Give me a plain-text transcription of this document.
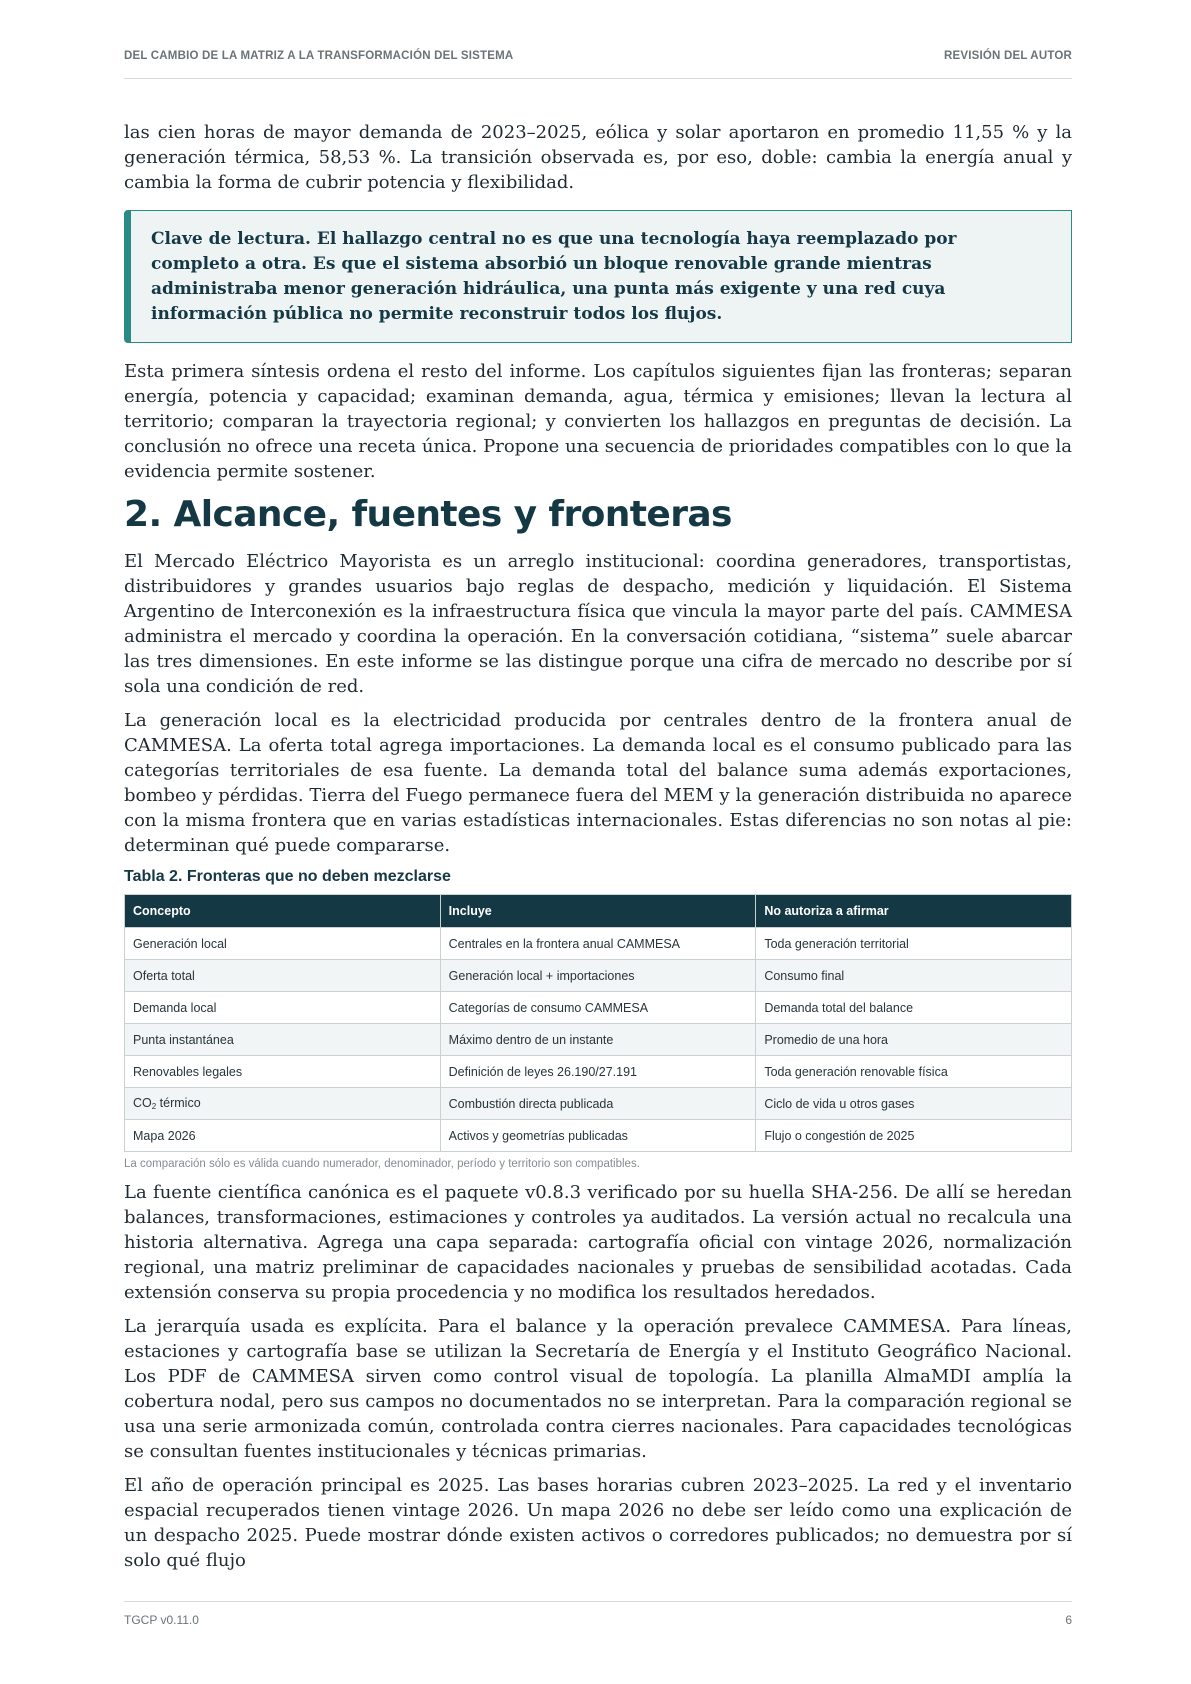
DEL CAMBIO DE LA MATRIZ A LA TRANSFORMACIÓN DEL SISTEMA	REVISIÓN DEL AUTOR

las cien horas de mayor demanda de 2023–2025, eólica y solar aportaron en promedio 11,55 % y la generación térmica, 58,53 %. La transición observada es, por eso, doble: cambia la energía anual y cambia la forma de cubrir potencia y flexibilidad.

Clave de lectura. El hallazgo central no es que una tecnología haya reemplazado por completo a otra. Es que el sistema absorbió un bloque renovable grande mientras administraba menor generación hidráulica, una punta más exigente y una red cuya información pública no permite reconstruir todos los flujos.

Esta primera síntesis ordena el resto del informe. Los capítulos siguientes fijan las fronteras; separan energía, potencia y capacidad; examinan demanda, agua, térmica y emisiones; llevan la lectura al territorio; comparan la trayectoria regional; y convierten los hallazgos en preguntas de decisión. La conclusión no ofrece una receta única. Propone una secuencia de prioridades compatibles con lo que la evidencia permite sostener.

2. Alcance, fuentes y fronteras

El Mercado Eléctrico Mayorista es un arreglo institucional: coordina generadores, transportistas, distribuidores y grandes usuarios bajo reglas de despacho, medición y liquidación. El Sistema Argentino de Interconexión es la infraestructura física que vincula la mayor parte del país. CAMMESA administra el mercado y coordina la operación. En la conversación cotidiana, “sistema” suele abarcar las tres dimensiones. En este informe se las distingue porque una cifra de mercado no describe por sí sola una condición de red.

La generación local es la electricidad producida por centrales dentro de la frontera anual de CAMMESA. La oferta total agrega importaciones. La demanda local es el consumo publicado para las categorías territoriales de esa fuente. La demanda total del balance suma además exportaciones, bombeo y pérdidas. Tierra del Fuego permanece fuera del MEM y la generación distribuida no aparece con la misma frontera que en varias estadísticas internacionales. Estas diferencias no son notas al pie: determinan qué puede compararse.

Tabla 2. Fronteras que no deben mezclarse
Concepto	Incluye	No autoriza a afirmar
Generación local	Centrales en la frontera anual CAMMESA	Toda generación territorial
Oferta total	Generación local + importaciones	Consumo final
Demanda local	Categorías de consumo CAMMESA	Demanda total del balance
Punta instantánea	Máximo dentro de un instante	Promedio de una hora
Renovables legales	Definición de leyes 26.190/27.191	Toda generación renovable física
$CO_2$ térmico	Combustión directa publicada	Ciclo de vida u otros gases
Mapa 2026	Activos y geometrías publicadas	Flujo o congestión de 2025
La comparación sólo es válida cuando numerador, denominador, período y territorio son compatibles.

La fuente científica canónica es el paquete v0.8.3 verificado por su huella SHA-256. De allí se heredan balances, transformaciones, estimaciones y controles ya auditados. La versión actual no recalcula una historia alternativa. Agrega una capa separada: cartografía oficial con vintage 2026, normalización regional, una matriz preliminar de capacidades nacionales y pruebas de sensibilidad acotadas. Cada extensión conserva su propia procedencia y no modifica los resultados heredados.

La jerarquía usada es explícita. Para el balance y la operación prevalece CAMMESA. Para líneas, estaciones y cartografía base se utilizan la Secretaría de Energía y el Instituto Geográfico Nacional. Los PDF de CAMMESA sirven como control visual de topología. La planilla AlmaMDI amplía la cobertura nodal, pero sus campos no documentados no se interpretan. Para la comparación regional se usa una serie armonizada común, controlada contra cierres nacionales. Para capacidades tecnológicas se consultan fuentes institucionales y técnicas primarias.

El año de operación principal es 2025. Las bases horarias cubren 2023–2025. La red y el inventario espacial recuperados tienen vintage 2026. Un mapa 2026 no debe ser leído como una explicación de un despacho 2025. Puede mostrar dónde existen activos o corredores publicados; no demuestra por sí solo qué flujo

TGCP v0.11.0	6
